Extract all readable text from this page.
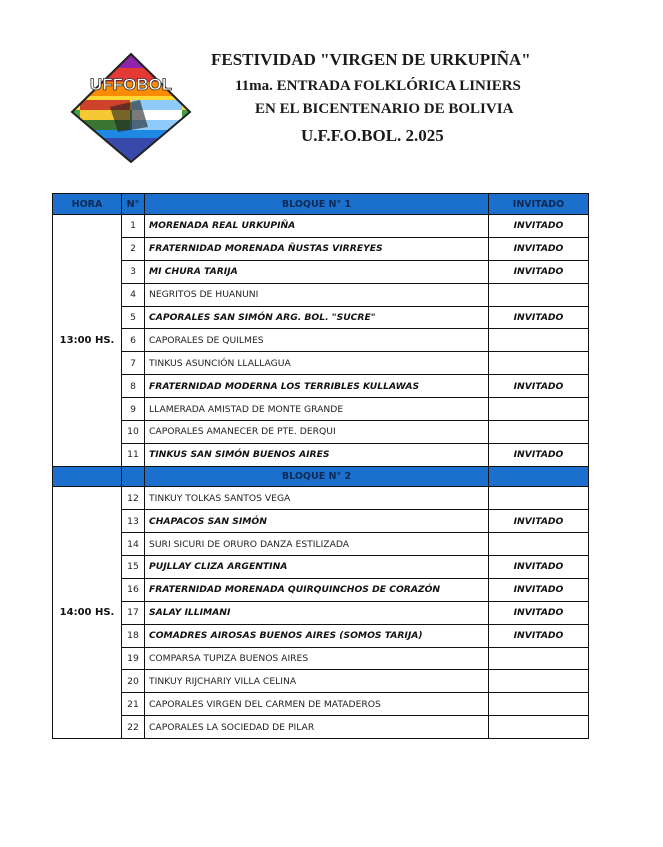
UFFOBOL
FESTIVIDAD "VIRGEN DE URKUPIÑA"
11ma. ENTRADA FOLKLÓRICA LINIERS
EN EL BICENTENARIO DE BOLIVIA
U.F.F.O.BOL. 2.025
HORA	N°	BLOQUE N° 1	INVITADO
13:00 HS.	1	MORENADA REAL URKUPIÑA	INVITADO
	2	FRATERNIDAD MORENADA ÑUSTAS VIRREYES	INVITADO
	3	MI CHURA TARIJA	INVITADO
	4	NEGRITOS DE HUANUNI	
	5	CAPORALES SAN SIMÓN ARG. BOL. "SUCRE"	INVITADO
	6	CAPORALES DE QUILMES	
	7	TINKUS ASUNCIÓN LLALLAGUA	
	8	FRATERNIDAD MODERNA LOS TERRIBLES KULLAWAS	INVITADO
	9	LLAMERADA AMISTAD DE MONTE GRANDE	
	10	CAPORALES AMANECER DE PTE. DERQUI	
	11	TINKUS SAN SIMÓN BUENOS AIRES	INVITADO
		BLOQUE N° 2	
14:00 HS.	12	TINKUY TOLKAS SANTOS VEGA	
	13	CHAPACOS SAN SIMÓN	INVITADO
	14	SURI SICURI DE ORURO DANZA ESTILIZADA	
	15	PUJLLAY CLIZA ARGENTINA	INVITADO
	16	FRATERNIDAD MORENADA QUIRQUINCHOS DE CORAZÓN	INVITADO
	17	SALAY ILLIMANI	INVITADO
	18	COMADRES AIROSAS BUENOS AIRES (SOMOS TARIJA)	INVITADO
	19	COMPARSA TUPIZA BUENOS AIRES	
	20	TINKUY RIJCHARIY VILLA CELINA	
	21	CAPORALES VIRGEN DEL CARMEN DE MATADEROS	
	22	CAPORALES LA SOCIEDAD DE PILAR	
